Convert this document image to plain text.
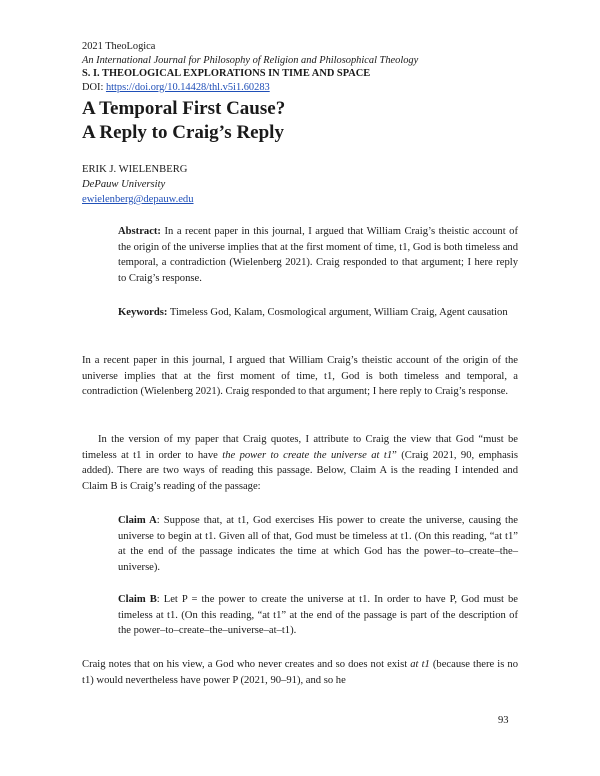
2021 TheoLogica
An International Journal for Philosophy of Religion and Philosophical Theology
S. I. THEOLOGICAL EXPLORATIONS IN TIME AND SPACE
DOI: https://doi.org/10.14428/thl.v5i1.60283
A Temporal First Cause?
A Reply to Craig’s Reply
ERIK J. WIELENBERG
DePauw University
ewielenberg@depauw.edu

Abstract: In a recent paper in this journal, I argued that William Craig’s theistic account of the origin of the universe implies that at the first moment of time, t1, God is both timeless and temporal, a contradiction (Wielenberg 2021). Craig responded to that argument; I here reply to Craig’s response.

Keywords: Timeless God, Kalam, Cosmological argument, William Craig, Agent causation

In a recent paper in this journal, I argued that William Craig’s theistic account of the origin of the universe implies that at the first moment of time, t1, God is both timeless and temporal, a contradiction (Wielenberg 2021). Craig responded to that argument; I here reply to Craig’s response.

In the version of my paper that Craig quotes, I attribute to Craig the view that God “must be timeless at t1 in order to have the power to create the universe at t1” (Craig 2021, 90, emphasis added). There are two ways of reading this passage. Below, Claim A is the reading I intended and Claim B is Craig’s reading of the passage:

Claim A: Suppose that, at t1, God exercises His power to create the universe, causing the universe to begin at t1. Given all of that, God must be timeless at t1. (On this reading, “at t1” at the end of the passage indicates the time at which God has the power–to–create–the–universe).

Claim B: Let P = the power to create the universe at t1. In order to have P, God must be timeless at t1. (On this reading, “at t1” at the end of the passage is part of the description of the power–to–create–the–universe–at–t1).

Craig notes that on his view, a God who never creates and so does not exist at t1 (because there is no t1) would nevertheless have power P (2021, 90–91), and so he

93
